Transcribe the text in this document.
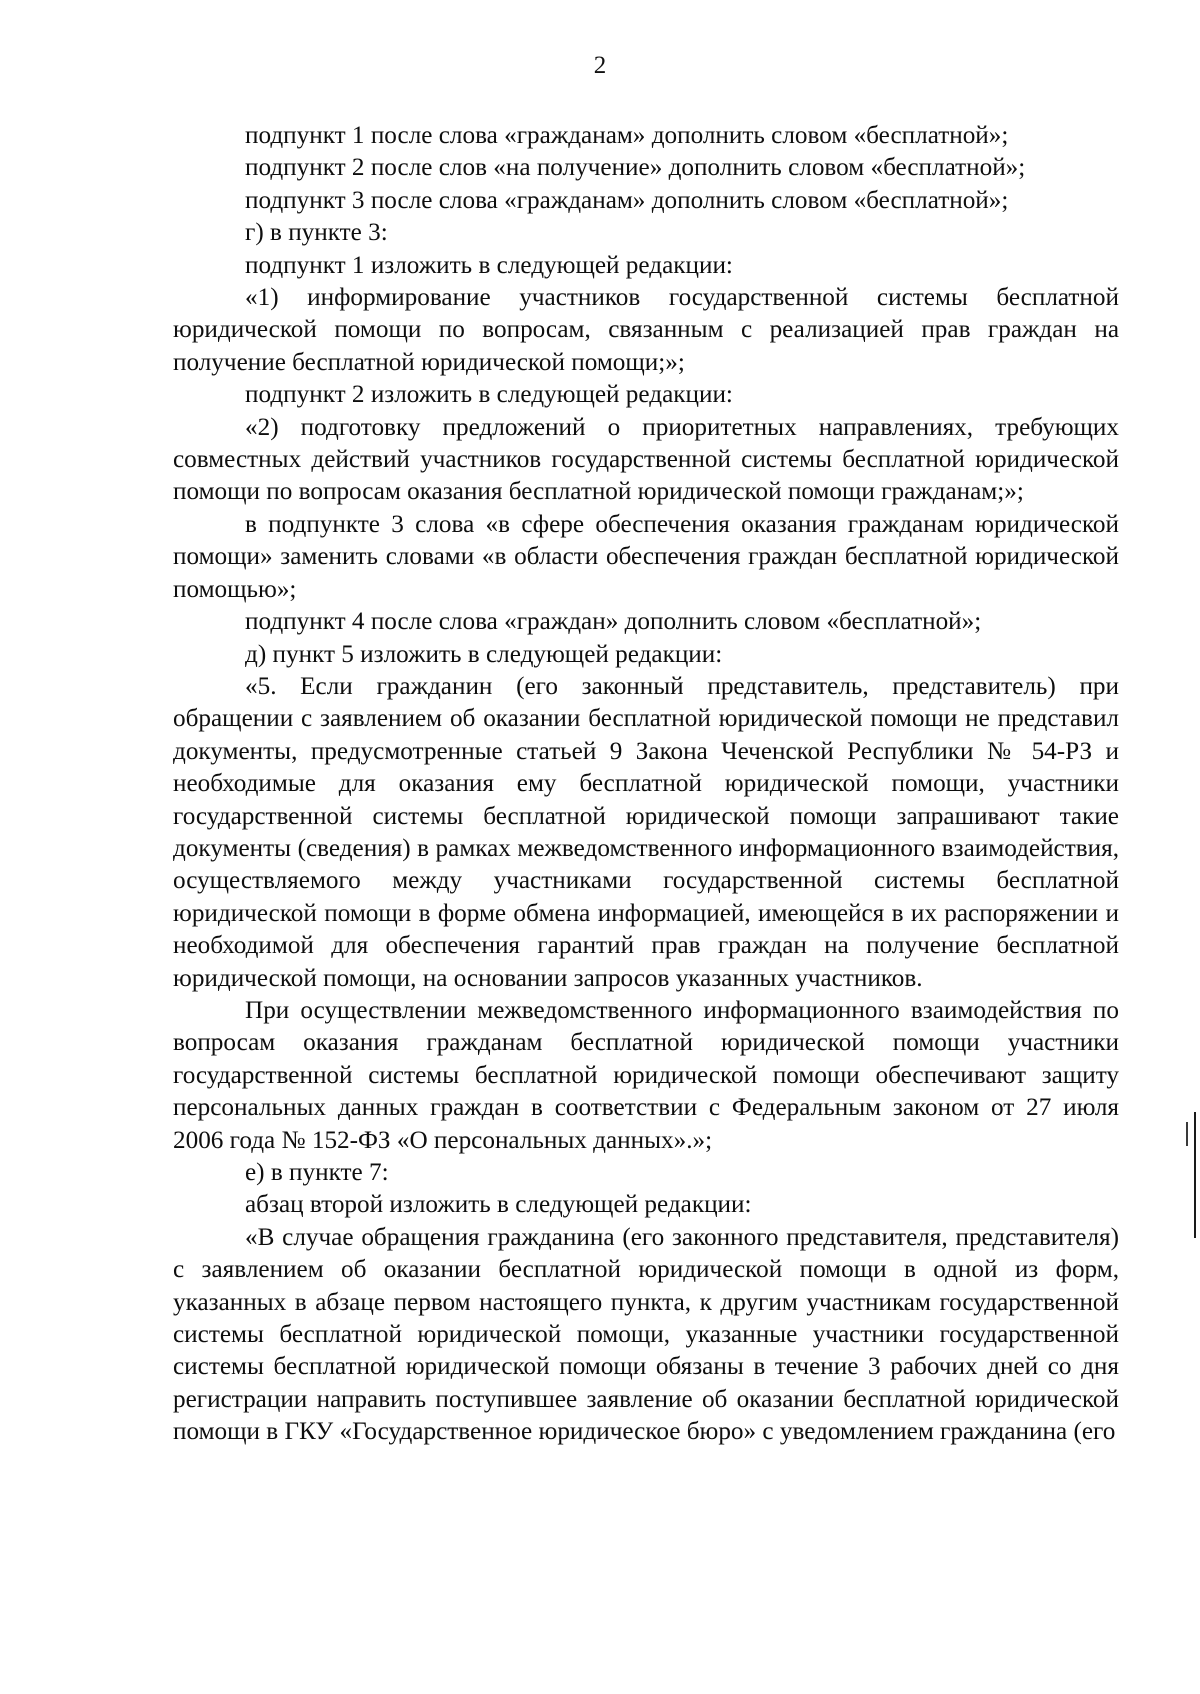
2

подпункт 1 после слова «гражданам» дополнить словом «бесплатной»;

подпункт 2 после слов «на получение» дополнить словом «бесплатной»;

подпункт 3 после слова «гражданам» дополнить словом «бесплатной»;

г) в пункте 3:

подпункт 1 изложить в следующей редакции:

«1) информирование участников государственной системы бесплатной юридической помощи по вопросам, связанным с реализацией прав граждан на получение бесплатной юридической помощи;»;

подпункт 2 изложить в следующей редакции:

«2) подготовку предложений о приоритетных направлениях, требующих совместных действий участников государственной системы бесплатной юридической помощи по вопросам оказания бесплатной юридической помощи гражданам;»;

в подпункте 3 слова «в сфере обеспечения оказания гражданам юридической помощи» заменить словами «в области обеспечения граждан бесплатной юридической помощью»;

подпункт 4 после слова «граждан» дополнить словом «бесплатной»;

д) пункт 5 изложить в следующей редакции:

«5. Если гражданин (его законный представитель, представитель) при обращении с заявлением об оказании бесплатной юридической помощи не представил документы, предусмотренные статьей 9 Закона Чеченской Республики № 54-РЗ и необходимые для оказания ему бесплатной юридической помощи, участники государственной системы бесплатной юридической помощи запрашивают такие документы (сведения) в рамках межведомственного информационного взаимодействия, осуществляемого между участниками государственной системы бесплатной юридической помощи в форме обмена информацией, имеющейся в их распоряжении и необходимой для обеспечения гарантий прав граждан на получение бесплатной юридической помощи, на основании запросов указанных участников.

При осуществлении межведомственного информационного взаимодействия по вопросам оказания гражданам бесплатной юридической помощи участники государственной системы бесплатной юридической помощи обеспечивают защиту персональных данных граждан в соответствии с Федеральным законом от 27 июля 2006 года № 152-ФЗ «О персональных данных».»;

е) в пункте 7:

абзац второй изложить в следующей редакции:

«В случае обращения гражданина (его законного представителя, представителя) с заявлением об оказании бесплатной юридической помощи в одной из форм, указанных в абзаце первом настоящего пункта, к другим участникам государственной системы бесплатной юридической помощи, указанные участники государственной системы бесплатной юридической помощи обязаны в течение 3 рабочих дней со дня регистрации направить поступившее заявление об оказании бесплатной юридической помощи в ГКУ «Государственное юридическое бюро» с уведомлением гражданина (его
